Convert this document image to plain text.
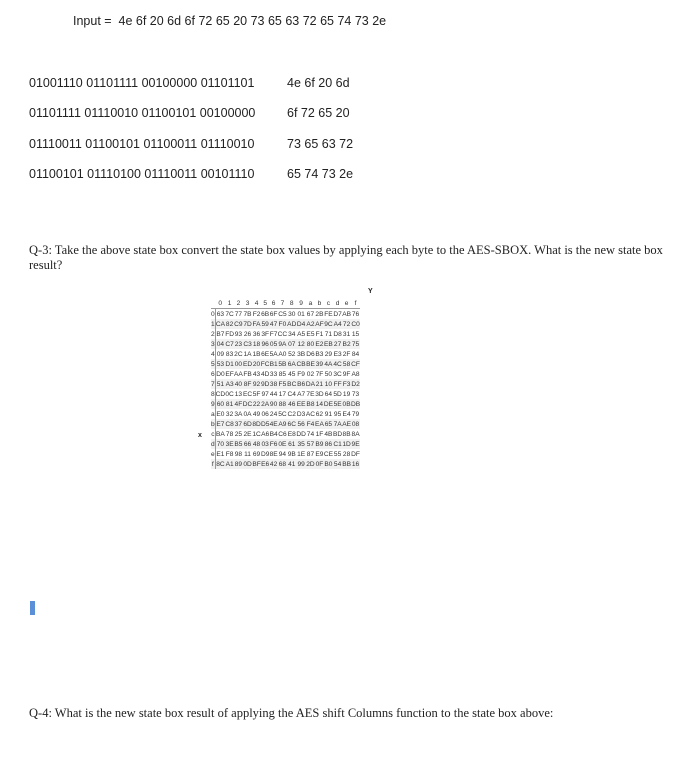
Input = 4e 6f 20 6d 6f 72 65 20 73 65 63 72 65 74 73 2e
01001110 01101111 00100000 01101101	4e 6f 20 6d
01101111 01110010 01100101 00100000	6f 72 65 20
01110011 01100101 01100011 01110010	73 65 63 72
01100101 01110100 01110011 00101110	65 74 73 2e
Q-3: Take the above state box convert the state box values by applying each byte to the AES-SBOX. What is the new state box result?
Y
x
	0	1	2	3	4	5	6	7	8	9	a	b	c	d	e	f
0	63	7C	77	7B	F2	6B	6F	C5	30	01	67	2B	FE	D7	AB	76
1	CA	82	C9	7D	FA	59	47	F0	AD	D4	A2	AF	9C	A4	72	C0
2	B7	FD	93	26	36	3F	F7	CC	34	A5	E5	F1	71	D8	31	15
3	04	C7	23	C3	18	96	05	9A	07	12	80	E2	EB	27	B2	75
4	09	83	2C	1A	1B	6E	5A	A0	52	3B	D6	B3	29	E3	2F	84
5	53	D1	00	ED	20	FC	B1	5B	6A	CB	BE	39	4A	4C	58	CF
6	D0	EF	AA	FB	43	4D	33	85	45	F9	02	7F	50	3C	9F	A8
7	51	A3	40	8F	92	9D	38	F5	BC	B6	DA	21	10	FF	F3	D2
8	CD	0C	13	EC	5F	97	44	17	C4	A7	7E	3D	64	5D	19	73
9	60	81	4F	DC	22	2A	90	88	46	EE	B8	14	DE	5E	0B	DB
a	E0	32	3A	0A	49	06	24	5C	C2	D3	AC	62	91	95	E4	79
b	E7	C8	37	6D	8D	D5	4E	A9	6C	56	F4	EA	65	7A	AE	08
c	BA	78	25	2E	1C	A6	B4	C6	E8	DD	74	1F	4B	BD	8B	8A
d	70	3E	B5	66	48	03	F6	0E	61	35	57	B9	86	C1	1D	9E
e	E1	F8	98	11	69	D9	8E	94	9B	1E	87	E9	CE	55	28	DF
f	8C	A1	89	0D	BF	E6	42	68	41	99	2D	0F	B0	54	BB	16
Q-4: What is the new state box result of applying the AES shift Columns function to the state box above:
